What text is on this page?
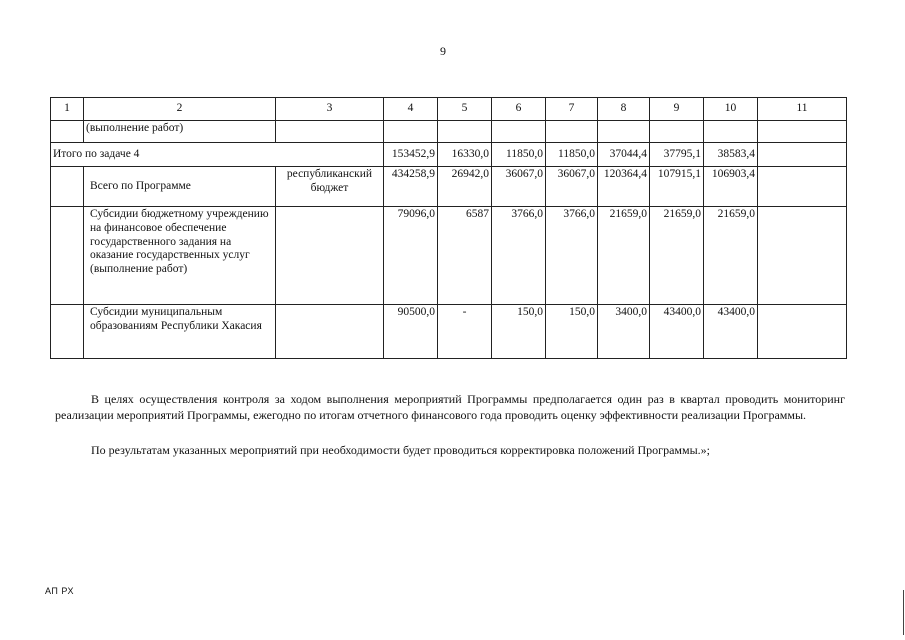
9
1	2	3	4	5	6	7	8	9	10	11
	(выполнение работ)									
Итого по задаче 4			153452,9	16330,0	11850,0	11850,0	37044,4	37795,1	38583,4	
	Всего по Программе	республиканский бюджет	434258,9	26942,0	36067,0	36067,0	120364,4	107915,1	106903,4	
	Субсидии бюджетному учреждению на финансовое обеспечение государственного задания на оказание государственных услуг (выполнение работ)		79096,0	6587	3766,0	3766,0	21659,0	21659,0	21659,0	
	Субсидии муниципальным образованиям Республики Хакасия		90500,0	-	150,0	150,0	3400,0	43400,0	43400,0	
В целях осуществления контроля за ходом выполнения мероприятий Программы предполагается один раз в квартал проводить мониторинг реализации мероприятий Программы, ежегодно по итогам отчетного финансового года проводить оценку эффективности реализации Программы.
По результатам указанных мероприятий при необходимости будет проводиться корректировка положений Программы.»;
АП РХ
